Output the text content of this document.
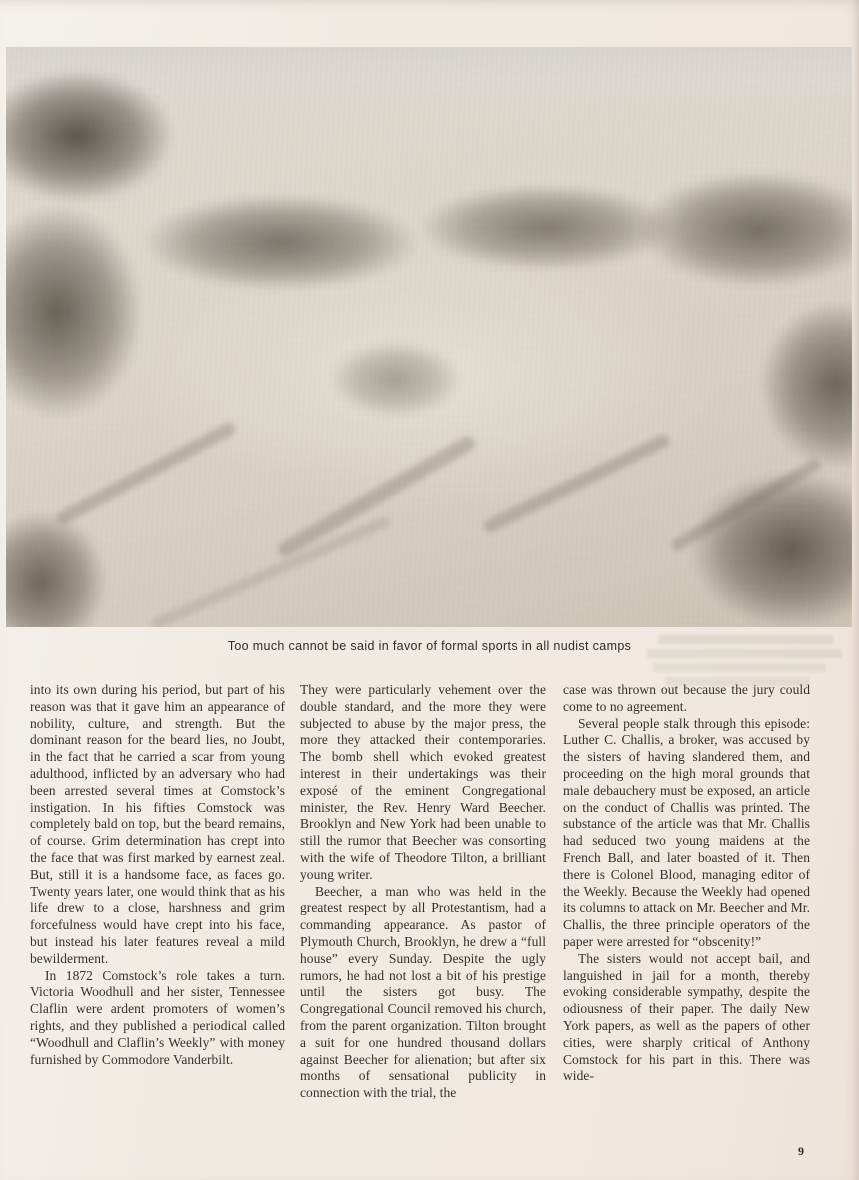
Too much cannot be said in favor of formal sports in all nudist camps

into its own during his period, but part of his reason was that it gave him an appearance of nobility, culture, and strength. But the dominant reason for the beard lies, no Joubt, in the fact that he carried a scar from young adulthood, inflicted by an adversary who had been arrested several times at Comstock’s instigation. In his fifties Comstock was completely bald on top, but the beard remains, of course. Grim determination has crept into the face that was first marked by earnest zeal. But, still it is a handsome face, as faces go. Twenty years later, one would think that as his life drew to a close, harshness and grim forcefulness would have crept into his face, but instead his later features reveal a mild bewilderment.

In 1872 Comstock’s role takes a turn. Victoria Woodhull and her sister, Tennessee Claflin were ardent promoters of women’s rights, and they published a periodical called “Woodhull and Claflin’s Weekly” with money furnished by Commodore Vanderbilt.

They were particularly vehement over the double standard, and the more they were subjected to abuse by the major press, the more they attacked their contemporaries. The bomb shell which evoked greatest interest in their undertakings was their exposé of the eminent Congregational minister, the Rev. Henry Ward Beecher. Brooklyn and New York had been unable to still the rumor that Beecher was consorting with the wife of Theodore Tilton, a brilliant young writer.

Beecher, a man who was held in the greatest respect by all Protestantism, had a commanding appearance. As pastor of Plymouth Church, Brooklyn, he drew a “full house” every Sunday. Despite the ugly rumors, he had not lost a bit of his prestige until the sisters got busy. The Congregational Council removed his church, from the parent organization. Tilton brought a suit for one hundred thousand dollars against Beecher for alienation; but after six months of sensational publicity in connection with the trial, the

case was thrown out because the jury could come to no agreement.

Several people stalk through this episode: Luther C. Challis, a broker, was accused by the sisters of having slandered them, and proceeding on the high moral grounds that male debauchery must be exposed, an article on the conduct of Challis was printed. The substance of the article was that Mr. Challis had seduced two young maidens at the French Ball, and later boasted of it. Then there is Colonel Blood, managing editor of the Weekly. Because the Weekly had opened its columns to attack on Mr. Beecher and Mr. Challis, the three principle operators of the paper were arrested for “obscenity!”

The sisters would not accept bail, and languished in jail for a month, thereby evoking considerable sympathy, despite the odiousness of their paper. The daily New York papers, as well as the papers of other cities, were sharply critical of Anthony Comstock for his part in this. There was wide-

9
